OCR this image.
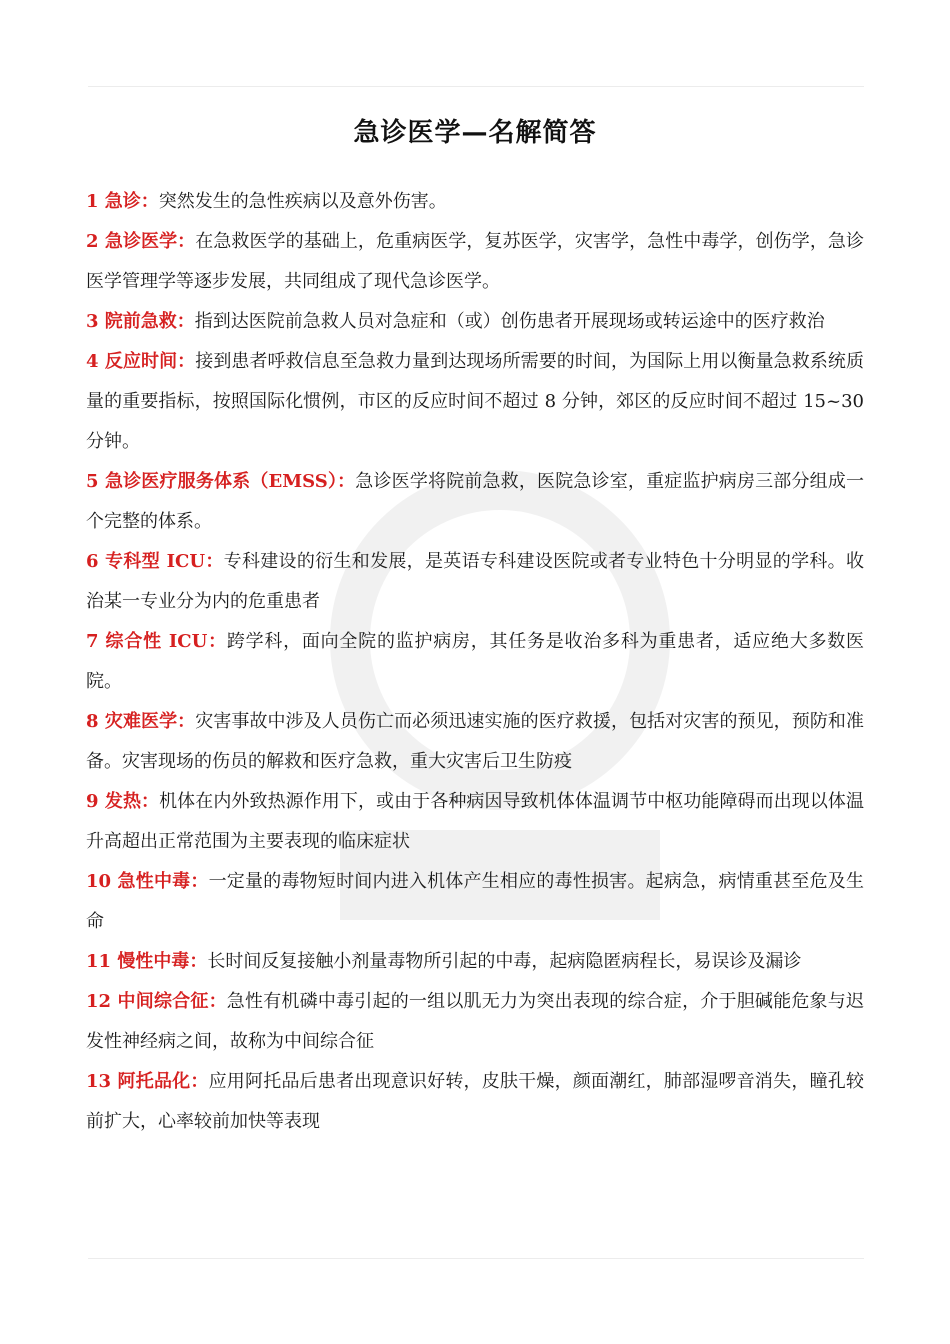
急诊医学—名解简答
1 急诊：突然发生的急性疾病以及意外伤害。
2 急诊医学：在急救医学的基础上，危重病医学，复苏医学，灾害学，急性中毒学，创伤学，急诊医学管理学等逐步发展，共同组成了现代急诊医学。
3 院前急救：指到达医院前急救人员对急症和（或）创伤患者开展现场或转运途中的医疗救治
4 反应时间：接到患者呼救信息至急救力量到达现场所需要的时间，为国际上用以衡量急救系统质量的重要指标，按照国际化惯例，市区的反应时间不超过 8 分钟，郊区的反应时间不超过 15~30 分钟。
5 急诊医疗服务体系（EMSS）：急诊医学将院前急救，医院急诊室，重症监护病房三部分组成一个完整的体系。
6 专科型 ICU：专科建设的衍生和发展，是英语专科建设医院或者专业特色十分明显的学科。收治某一专业分为内的危重患者
7 综合性 ICU：跨学科，面向全院的监护病房，其任务是收治多科为重患者，适应绝大多数医院。
8 灾难医学：灾害事故中涉及人员伤亡而必须迅速实施的医疗救援，包括对灾害的预见，预防和准备。灾害现场的伤员的解救和医疗急救，重大灾害后卫生防疫
9 发热：机体在内外致热源作用下，或由于各种病因导致机体体温调节中枢功能障碍而出现以体温升高超出正常范围为主要表现的临床症状
10 急性中毒：一定量的毒物短时间内进入机体产生相应的毒性损害。起病急，病情重甚至危及生命
11 慢性中毒：长时间反复接触小剂量毒物所引起的中毒，起病隐匿病程长，易误诊及漏诊
12 中间综合征：急性有机磷中毒引起的一组以肌无力为突出表现的综合症，介于胆碱能危象与迟发性神经病之间，故称为中间综合征
13 阿托品化：应用阿托品后患者出现意识好转，皮肤干燥，颜面潮红，肺部湿啰音消失，瞳孔较前扩大，心率较前加快等表现
